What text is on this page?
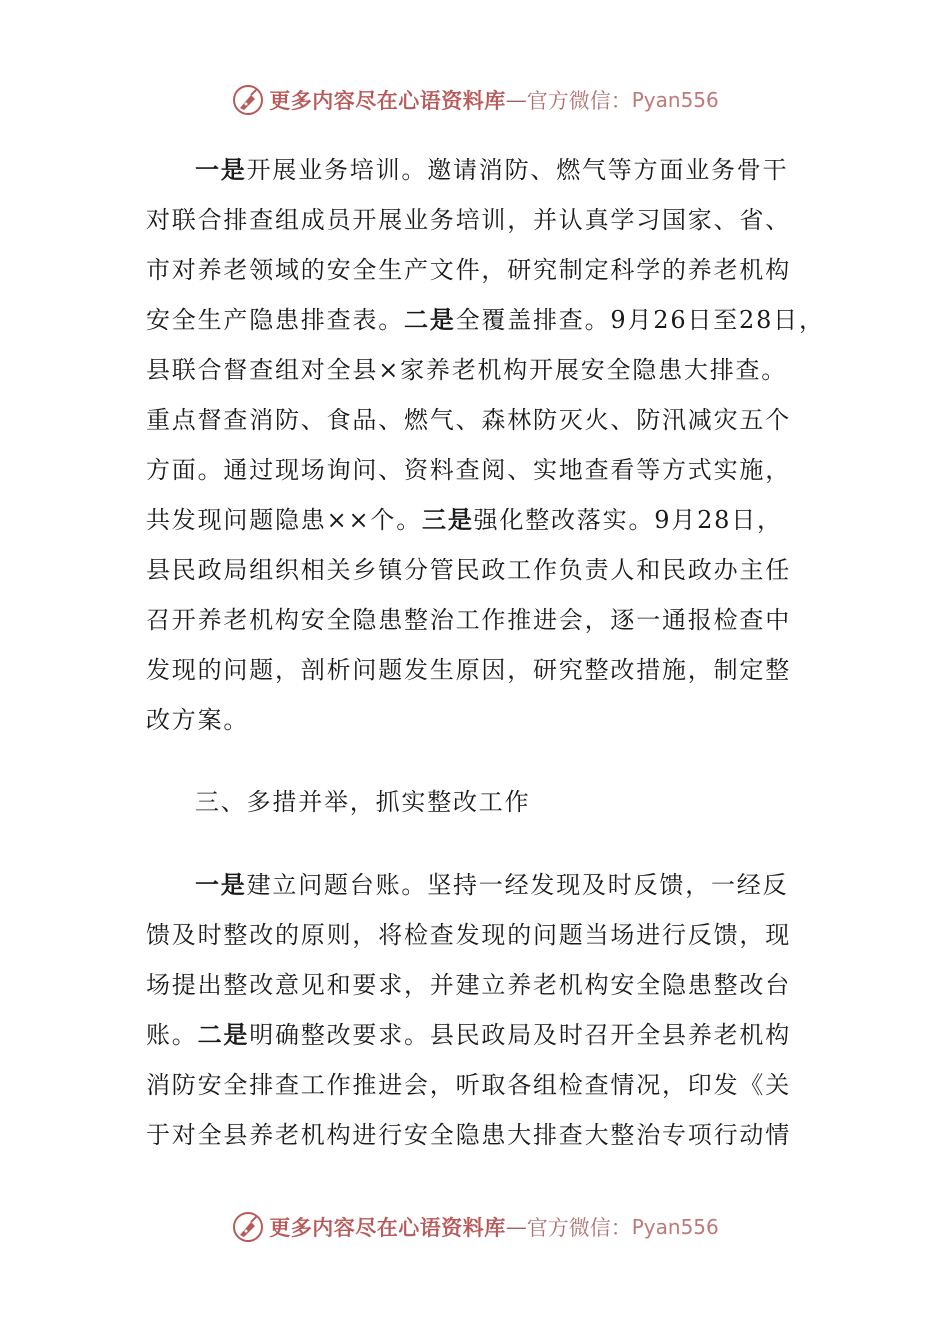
更多内容尽在心语资料库 — 官方微信： Pyan556
一是开展业务培训。邀请消防、燃气等方面业务骨干
对联合排查组成员开展业务培训，并认真学习国家、省、
市对养老领域的安全生产文件，研究制定科学的养老机构
安全生产隐患排查表。二是全覆盖排查。9月26日至28日，
县联合督查组对全县×家养老机构开展安全隐患大排查。
重点督查消防、食品、燃气、森林防灭火、防汛减灾五个
方面。通过现场询问、资料查阅、实地查看等方式实施，
共发现问题隐患××个。三是强化整改落实。9月28日，
县民政局组织相关乡镇分管民政工作负责人和民政办主任
召开养老机构安全隐患整治工作推进会，逐一通报检查中
发现的问题，剖析问题发生原因，研究整改措施，制定整
改方案。
三、多措并举，抓实整改工作
一是建立问题台账。坚持一经发现及时反馈，一经反
馈及时整改的原则，将检查发现的问题当场进行反馈，现
场提出整改意见和要求，并建立养老机构安全隐患整改台
账。二是明确整改要求。县民政局及时召开全县养老机构
消防安全排查工作推进会，听取各组检查情况，印发《关
于对全县养老机构进行安全隐患大排查大整治专项行动情
更多内容尽在心语资料库 — 官方微信： Pyan556
